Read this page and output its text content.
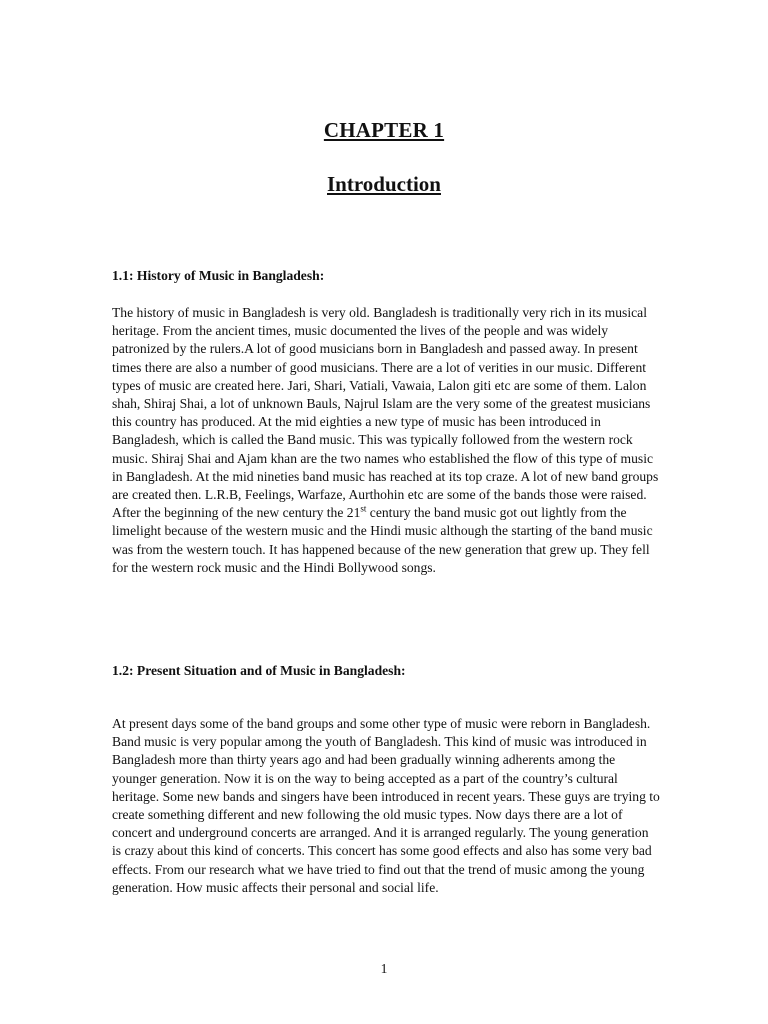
CHAPTER 1
Introduction
1.1: History of Music in Bangladesh:

The history of music in Bangladesh is very old. Bangladesh is traditionally very rich in its musical heritage. From the ancient times, music documented the lives of the people and was widely patronized by the rulers.A lot of good musicians born in Bangladesh and passed away. In present times there are also a number of good musicians. There are a lot of verities in our music. Different types of music are created here. Jari, Shari, Vatiali, Vawaia, Lalon giti etc are some of them. Lalon shah, Shiraj Shai, a lot of unknown Bauls, Najrul Islam are the very some of the greatest musicians this country has produced. At the mid eighties a new type of music has been introduced in Bangladesh, which is called the Band music. This was typically followed from the western rock music. Shiraj Shai and Ajam khan are the two names who established the flow of this type of music in Bangladesh. At the mid nineties band music has reached at its top craze. A lot of new band groups are created then. L.R.B, Feelings, Warfaze, Aurthohin etc are some of the bands those were raised. After the beginning of the new century the 21st century the band music got out lightly from the limelight because of the western music and the Hindi music although the starting of the band music was from the western touch. It has happened because of the new generation that grew up. They fell for the western rock music and the Hindi Bollywood songs.

1.2: Present Situation and of Music in Bangladesh:

At present days some of the band groups and some other type of music were reborn in Bangladesh. Band music is very popular among the youth of Bangladesh. This kind of music was introduced in Bangladesh more than thirty years ago and had been gradually winning adherents among the younger generation. Now it is on the way to being accepted as a part of the country’s cultural heritage. Some new bands and singers have been introduced in recent years. These guys are trying to create something different and new following the old music types. Now days there are a lot of concert and underground concerts are arranged. And it is arranged regularly. The young generation is crazy about this kind of concerts. This concert has some good effects and also has some very bad effects. From our research what we have tried to find out that the trend of music among the young generation. How music affects their personal and social life.

1
